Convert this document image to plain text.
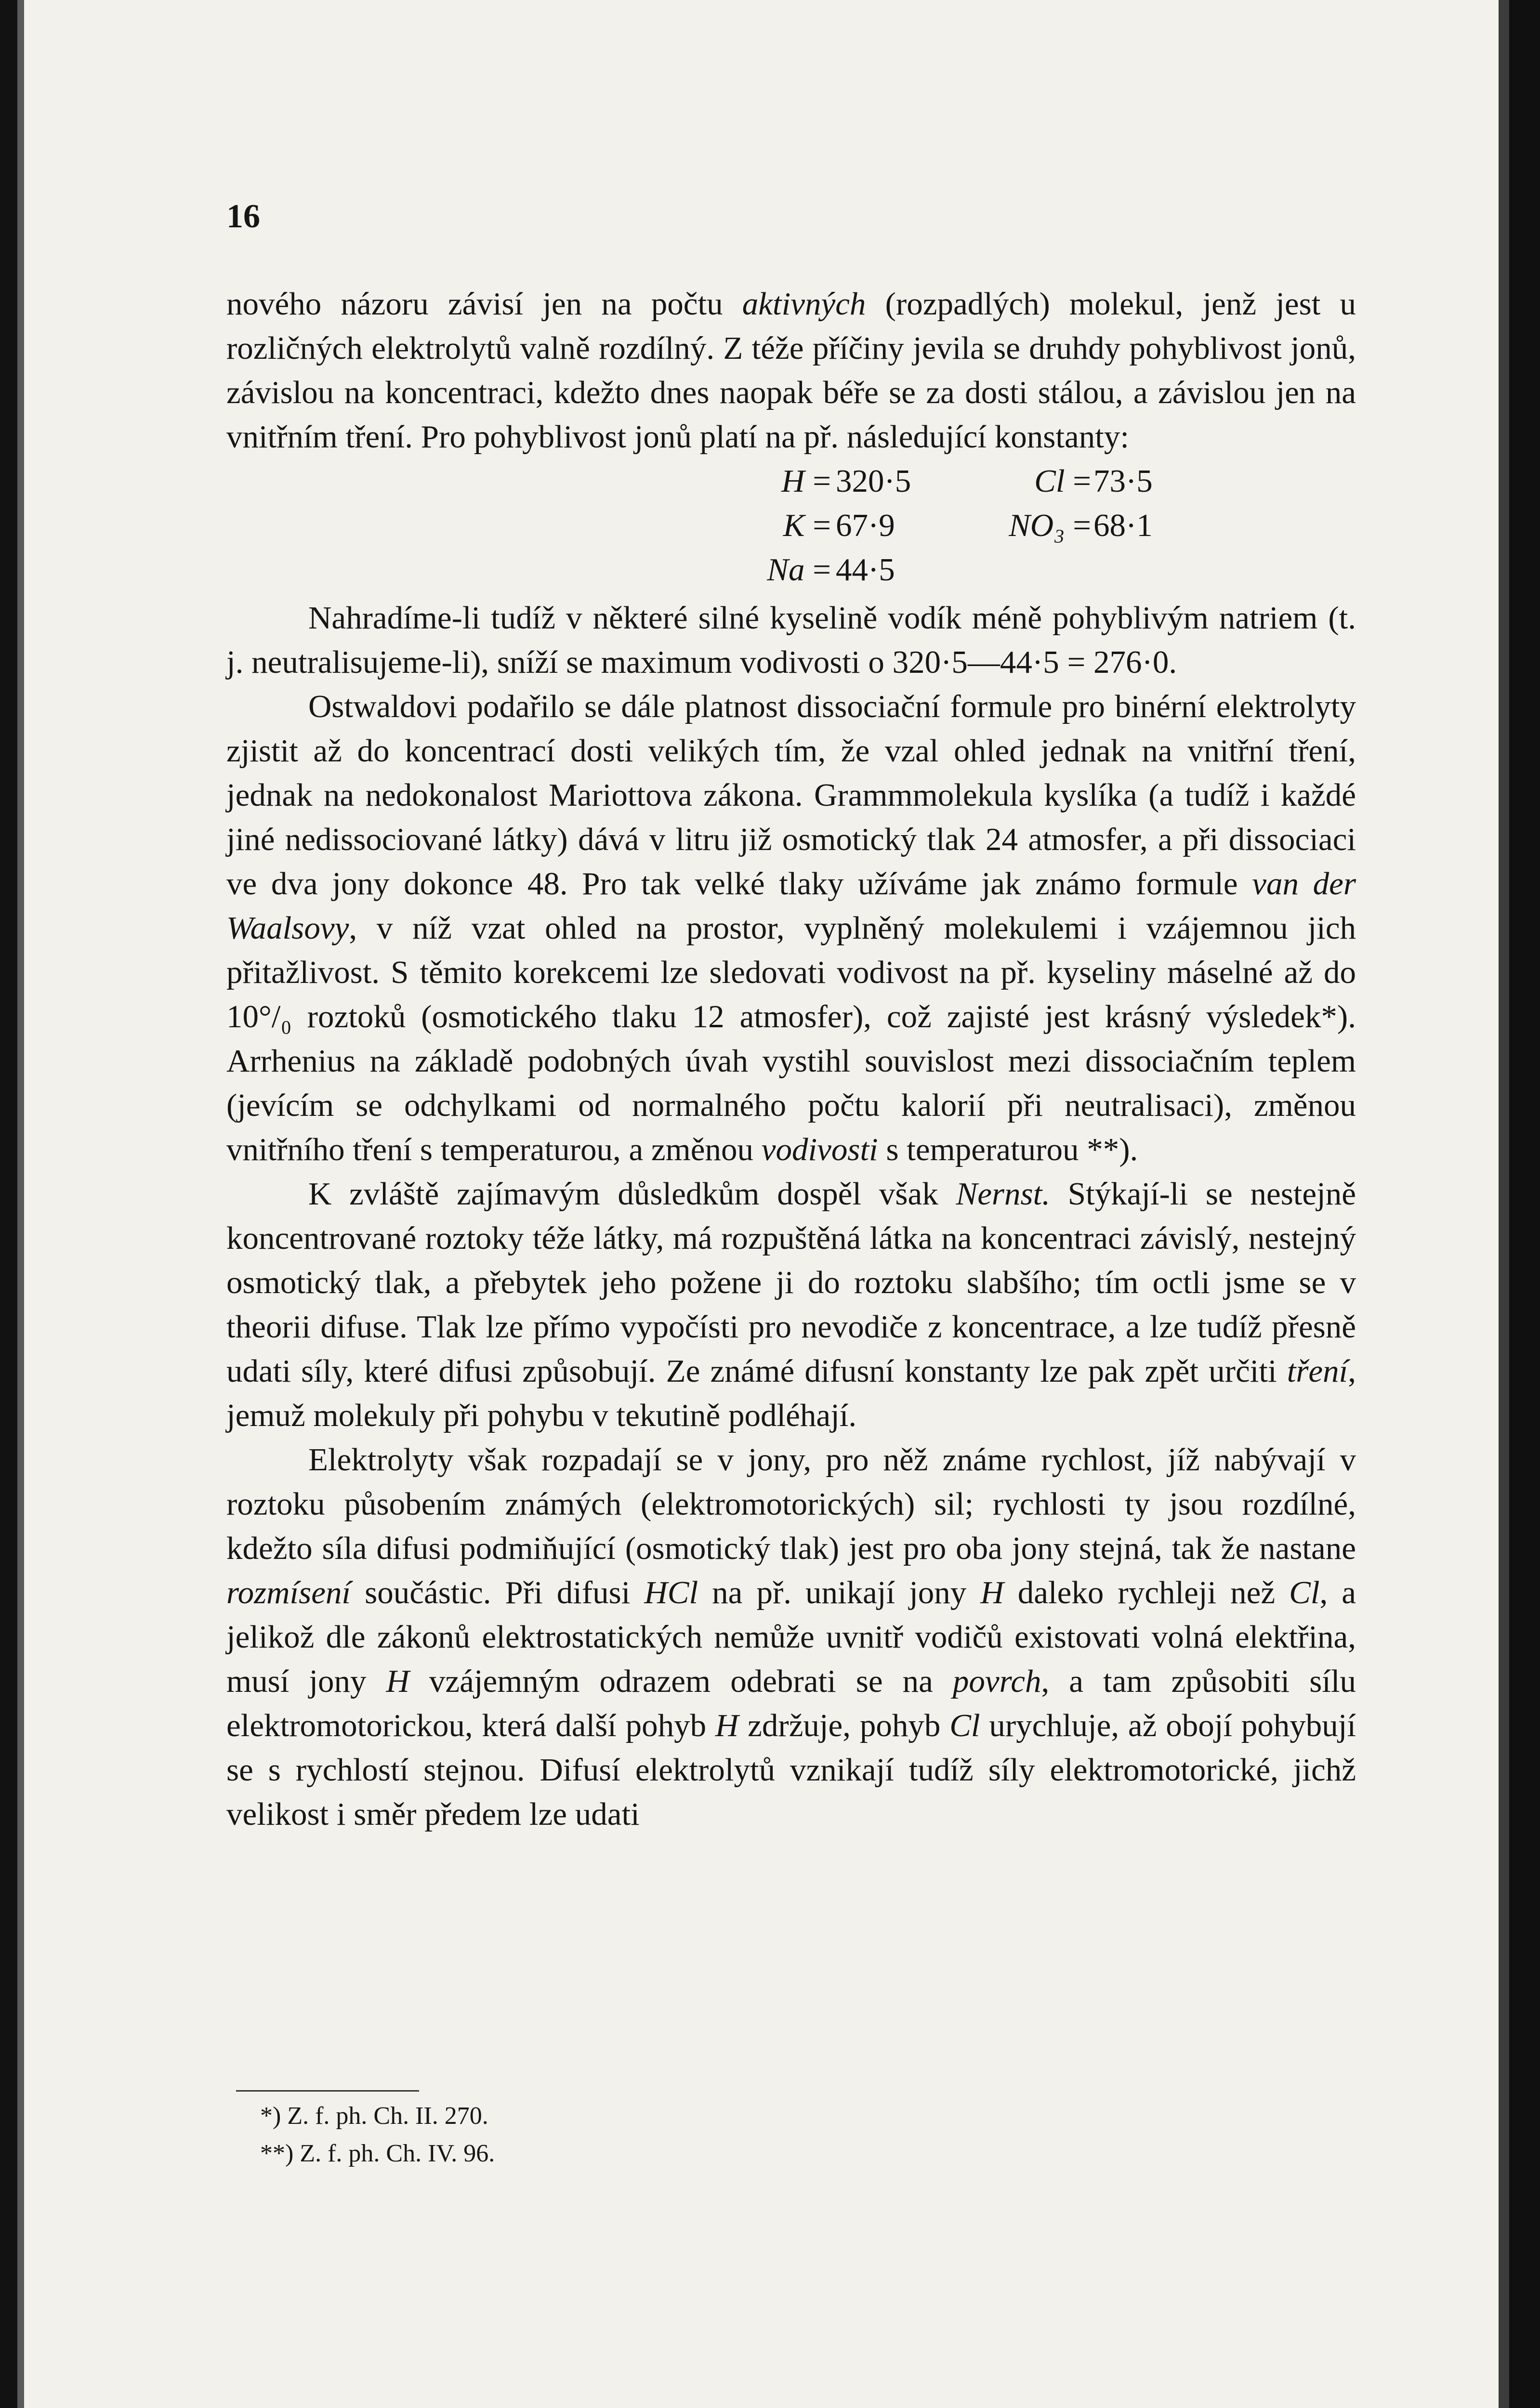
16

nového názoru závisí jen na počtu aktivných (rozpadlých) molekul, jenž jest u rozličných elektrolytů valně rozdílný. Z téže příčiny jevila se druhdy pohyblivost jonů, závislou na koncentraci, kdežto dnes naopak béře se za dosti stálou, a závislou jen na vnitřním tření. Pro pohyblivost jonů platí na př. následující konstanty:

H = 320·5	Cl = 73·5
K = 67·9	NO₃ = 68·1
Na = 44·5

Nahradíme-li tudíž v některé silné kyselině vodík méně pohyblivým natriem (t. j. neutralisujeme-li), sníží se maximum vodivosti o 320·5—44·5 = 276·0.

Ostwaldovi podařilo se dále platnost dissociační formule pro binérní elektrolyty zjistit až do koncentrací dosti velikých tím, že vzal ohled jednak na vnitřní tření, jednak na nedokonalost Mariottova zákona. Grammmolekula kyslíka (a tudíž i každé jiné nedissociované látky) dává v litru již osmotický tlak 24 atmosfer, a při dissociaci ve dva jony dokonce 48. Pro tak velké tlaky užíváme jak známo formule van der Waalsovy, v níž vzat ohled na prostor, vyplněný molekulemi i vzájemnou jich přitažlivost. S těmito korekcemi lze sledovati vodivost na př. kyseliny máselné až do 10°/₀ roztoků (osmotického tlaku 12 atmosfer), což zajisté jest krásný výsledek*). Arrhenius na základě podobných úvah vystihl souvislost mezi dissociačním teplem (jevícím se odchylkami od normalného počtu kalorií při neutralisaci), změnou vnitřního tření s temperaturou, a změnou vodivosti s temperaturou **).

K zvláště zajímavým důsledkům dospěl však Nernst. Stýkají-li se nestejně koncentrované roztoky téže látky, má rozpuštěná látka na koncentraci závislý, nestejný osmotický tlak, a přebytek jeho požene ji do roztoku slabšího; tím octli jsme se v theorii difuse. Tlak lze přímo vypočísti pro nevodiče z koncentrace, a lze tudíž přesně udati síly, které difusi způsobují. Ze známé difusní konstanty lze pak zpět určiti tření, jemuž molekuly při pohybu v tekutině podléhají.

Elektrolyty však rozpadají se v jony, pro něž známe rychlost, jíž nabývají v roztoku působením známých (elektromotorických) sil; rychlosti ty jsou rozdílné, kdežto síla difusi podmiňující (osmotický tlak) jest pro oba jony stejná, tak že nastane rozmísení součástic. Při difusi HCl na př. unikají jony H daleko rychleji než Cl, a jelikož dle zákonů elektrostatických nemůže uvnitř vodičů existovati volná elektřina, musí jony H vzájemným odrazem odebrati se na povrch, a tam způsobiti sílu elektromotorickou, která další pohyb H zdržuje, pohyb Cl urychluje, až obojí pohybují se s rychlostí stejnou. Difusí elektrolytů vznikají tudíž síly elektromotorické, jichž velikost i směr předem lze udati

*) Z. f. ph. Ch. II. 270.
**) Z. f. ph. Ch. IV. 96.
